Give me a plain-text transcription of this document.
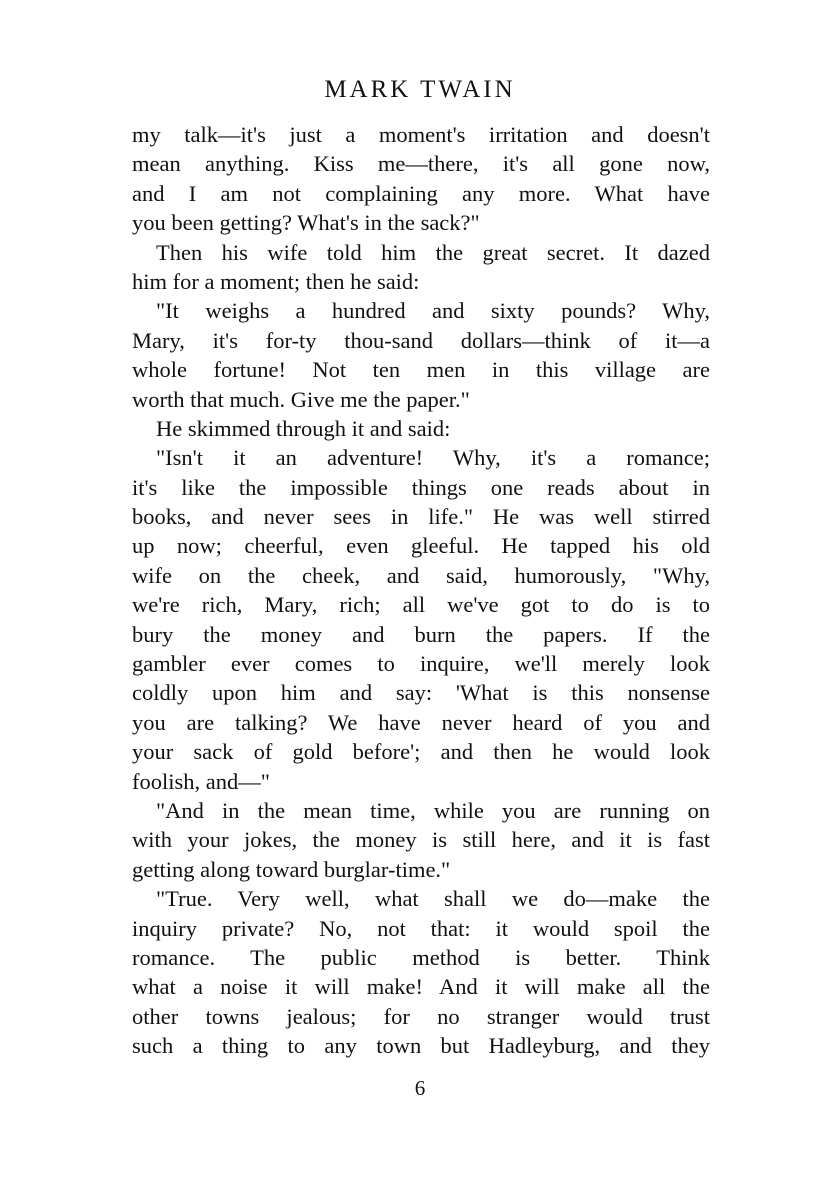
MARK TWAIN
my talk—it's just a moment's irritation and doesn't
mean anything. Kiss me—there, it's all gone now,
and I am not complaining any more. What have
you been getting? What's in the sack?"
Then his wife told him the great secret. It dazed
him for a moment; then he said:
"It weighs a hundred and sixty pounds? Why,
Mary, it's for-ty thou-sand dollars—think of it—a
whole fortune! Not ten men in this village are
worth that much. Give me the paper."
He skimmed through it and said:
"Isn't it an adventure! Why, it's a romance;
it's like the impossible things one reads about in
books, and never sees in life." He was well stirred
up now; cheerful, even gleeful. He tapped his old
wife on the cheek, and said, humorously, "Why,
we're rich, Mary, rich; all we've got to do is to
bury the money and burn the papers. If the
gambler ever comes to inquire, we'll merely look
coldly upon him and say: 'What is this nonsense
you are talking? We have never heard of you and
your sack of gold before'; and then he would look
foolish, and—"
"And in the mean time, while you are running on
with your jokes, the money is still here, and it is fast
getting along toward burglar-time."
"True. Very well, what shall we do—make the
inquiry private? No, not that: it would spoil the
romance. The public method is better. Think
what a noise it will make! And it will make all the
other towns jealous; for no stranger would trust
such a thing to any town but Hadleyburg, and they
6
